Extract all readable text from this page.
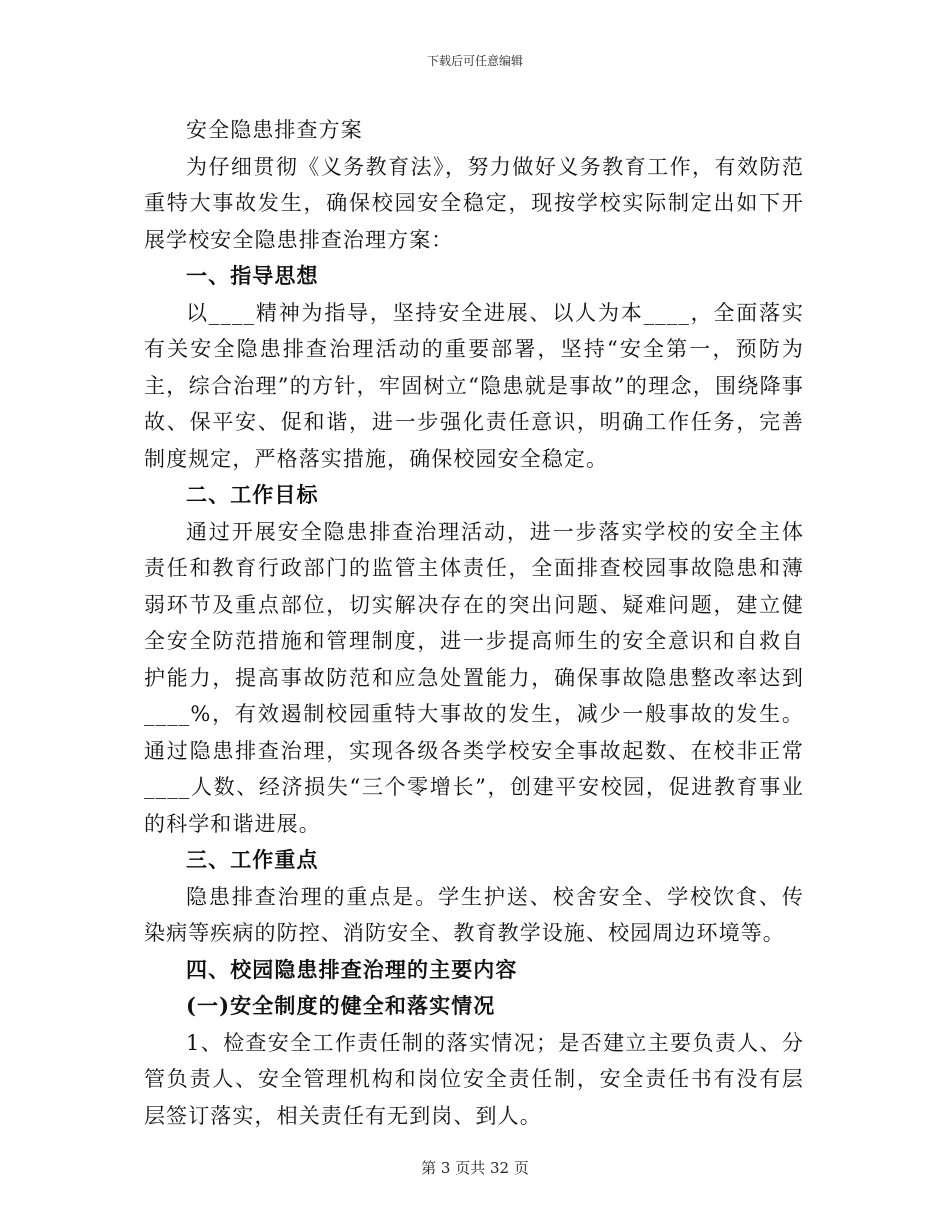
下载后可任意编辑

安全隐患排查方案

为仔细贯彻《义务教育法》，努力做好义务教育工作，有效防范重特大事故发生，确保校园安全稳定，现按学校实际制定出如下开展学校安全隐患排查治理方案：

一、指导思想

以____精神为指导，坚持安全进展、以人为本____，全面落实有关安全隐患排查治理活动的重要部署，坚持“安全第一，预防为主，综合治理”的方针，牢固树立“隐患就是事故”的理念，围绕降事故、保平安、促和谐，进一步强化责任意识，明确工作任务，完善制度规定，严格落实措施，确保校园安全稳定。

二、工作目标

通过开展安全隐患排查治理活动，进一步落实学校的安全主体责任和教育行政部门的监管主体责任，全面排查校园事故隐患和薄弱环节及重点部位，切实解决存在的突出问题、疑难问题，建立健全安全防范措施和管理制度，进一步提高师生的安全意识和自救自护能力，提高事故防范和应急处置能力，确保事故隐患整改率达到____%，有效遏制校园重特大事故的发生，减少一般事故的发生。通过隐患排查治理，实现各级各类学校安全事故起数、在校非正常____人数、经济损失“三个零增长”，创建平安校园，促进教育事业的科学和谐进展。

三、工作重点

隐患排查治理的重点是。学生护送、校舍安全、学校饮食、传染病等疾病的防控、消防安全、教育教学设施、校园周边环境等。

四、校园隐患排查治理的主要内容

(一)安全制度的健全和落实情况

1、检查安全工作责任制的落实情况；是否建立主要负责人、分管负责人、安全管理机构和岗位安全责任制，安全责任书有没有层层签订落实，相关责任有无到岗、到人。

第 3 页共 32 页
